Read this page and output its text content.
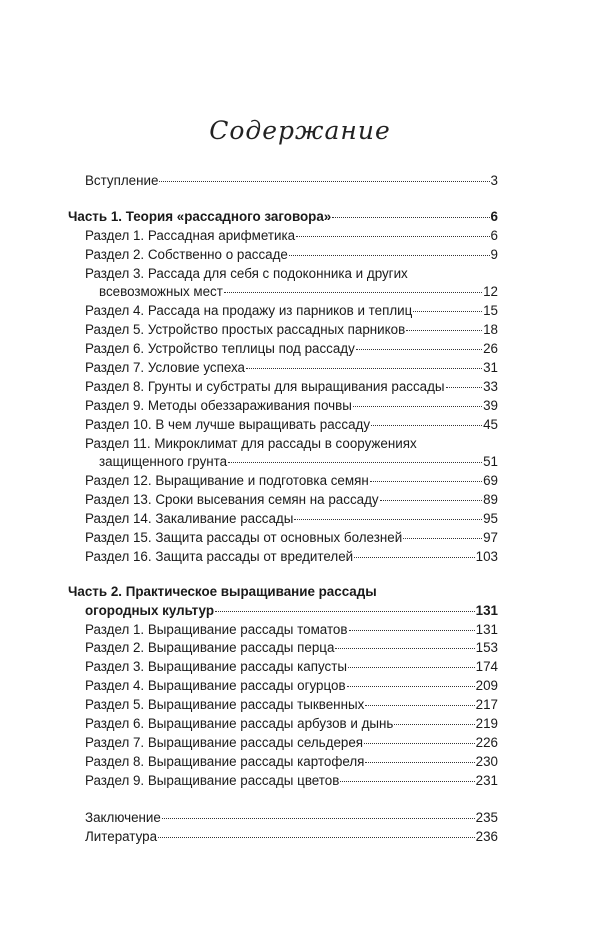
Содержание
Вступление	3
Часть 1. Теория «рассадного заговора»	6
Раздел 1. Рассадная арифметика	6
Раздел 2. Собственно о рассаде	9
Раздел 3. Рассада для себя с подоконника и других
всевозможных мест	12
Раздел 4. Рассада на продажу из парников и теплиц	15
Раздел 5. Устройство простых рассадных парников	18
Раздел 6. Устройство теплицы под рассаду	26
Раздел 7. Условие успеха	31
Раздел 8. Грунты и субстраты для выращивания рассады	33
Раздел 9. Методы обеззараживания почвы	39
Раздел 10. В чем лучше выращивать рассаду	45
Раздел 11. Микроклимат для рассады в сооружениях
защищенного грунта	51
Раздел 12. Выращивание и подготовка семян	69
Раздел 13. Сроки высевания семян на рассаду	89
Раздел 14. Закаливание рассады	95
Раздел 15. Защита рассады от основных болезней	97
Раздел 16. Защита рассады от вредителей	103
Часть 2. Практическое выращивание рассады
огородных культур	131
Раздел 1. Выращивание рассады томатов	131
Раздел 2. Выращивание рассады перца	153
Раздел 3. Выращивание рассады капусты	174
Раздел 4. Выращивание рассады огурцов	209
Раздел 5. Выращивание рассады тыквенных	217
Раздел 6. Выращивание рассады арбузов и дынь	219
Раздел 7. Выращивание рассады сельдерея	226
Раздел 8. Выращивание рассады картофеля	230
Раздел 9. Выращивание рассады цветов	231
Заключение	235
Литература	236
